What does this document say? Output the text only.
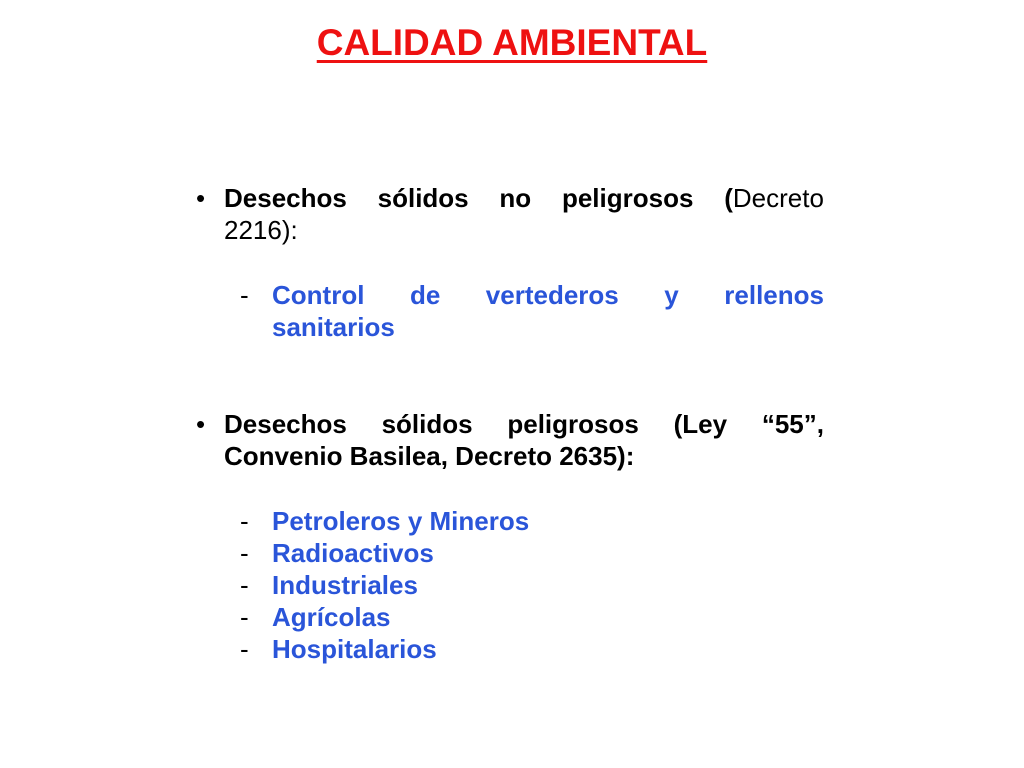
CALIDAD AMBIENTAL
• Desechos sólidos no peligrosos (Decreto
2216):
- Control de vertederos y rellenos
sanitarios
• Desechos sólidos peligrosos (Ley “55”,
Convenio Basilea, Decreto 2635):
- Petroleros y Mineros
- Radioactivos
- Industriales
- Agrícolas
- Hospitalarios
